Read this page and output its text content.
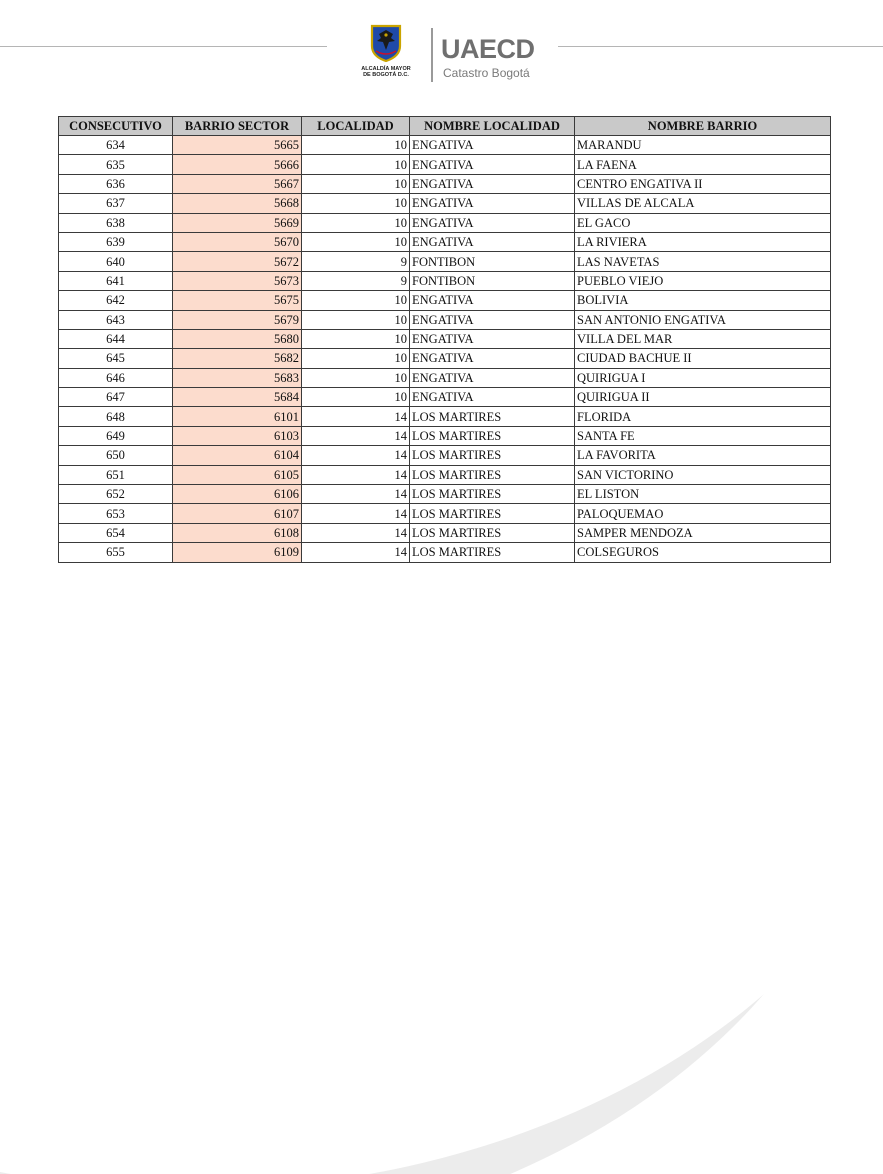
ALCALDÍA MAYOR
DE BOGOTÁ D.C.
UAECD
Catastro Bogotá
CONSECUTIVO	BARRIO SECTOR	LOCALIDAD	NOMBRE LOCALIDAD	NOMBRE BARRIO
634	5665	10	ENGATIVA	MARANDU
635	5666	10	ENGATIVA	LA FAENA
636	5667	10	ENGATIVA	CENTRO ENGATIVA II
637	5668	10	ENGATIVA	VILLAS DE ALCALA
638	5669	10	ENGATIVA	EL GACO
639	5670	10	ENGATIVA	LA RIVIERA
640	5672	9	FONTIBON	LAS NAVETAS
641	5673	9	FONTIBON	PUEBLO VIEJO
642	5675	10	ENGATIVA	BOLIVIA
643	5679	10	ENGATIVA	SAN ANTONIO ENGATIVA
644	5680	10	ENGATIVA	VILLA DEL MAR
645	5682	10	ENGATIVA	CIUDAD BACHUE II
646	5683	10	ENGATIVA	QUIRIGUA I
647	5684	10	ENGATIVA	QUIRIGUA II
648	6101	14	LOS MARTIRES	FLORIDA
649	6103	14	LOS MARTIRES	SANTA FE
650	6104	14	LOS MARTIRES	LA FAVORITA
651	6105	14	LOS MARTIRES	SAN VICTORINO
652	6106	14	LOS MARTIRES	EL LISTON
653	6107	14	LOS MARTIRES	PALOQUEMAO
654	6108	14	LOS MARTIRES	SAMPER MENDOZA
655	6109	14	LOS MARTIRES	COLSEGUROS
